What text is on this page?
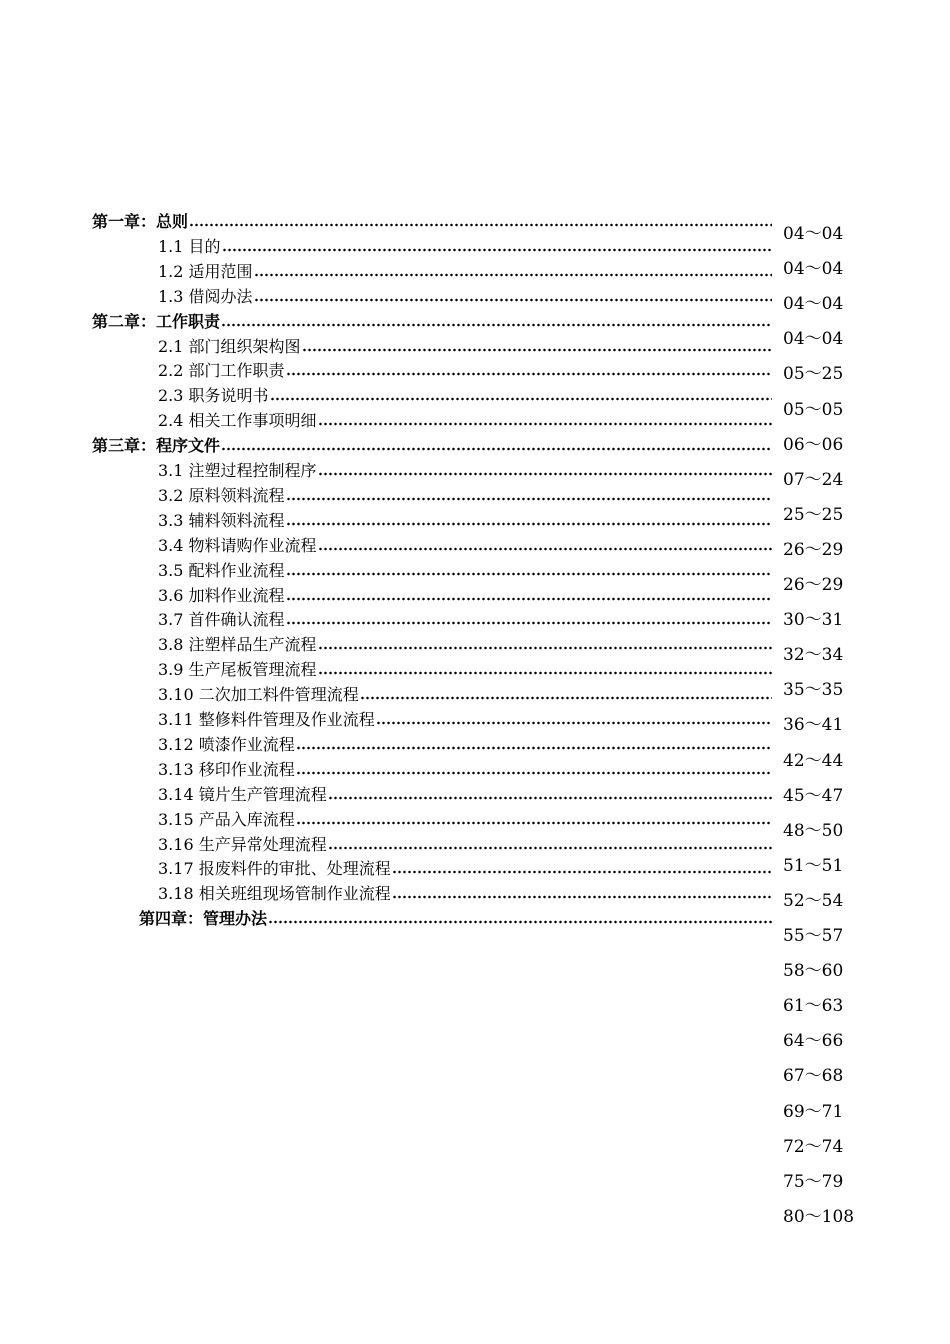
第一章：总则
1.1 目的
1.2 适用范围
1.3 借阅办法
第二章：工作职责
2.1 部门组织架构图
2.2 部门工作职责
2.3 职务说明书
2.4 相关工作事项明细
第三章：程序文件
3.1 注塑过程控制程序
3.2 原料领料流程
3.3 辅料领料流程
3.4 物料请购作业流程
3.5 配料作业流程
3.6 加料作业流程
3.7 首件确认流程
3.8 注塑样品生产流程
3.9 生产尾板管理流程
3.10 二次加工料件管理流程
3.11 整修料件管理及作业流程
3.12 喷漆作业流程
3.13 移印作业流程
3.14 镜片生产管理流程
3.15 产品入库流程
3.16 生产异常处理流程
3.17 报废料件的审批、处理流程
3.18 相关班组现场管制作业流程
第四章：管理办法
04～04
04～04
04～04
04～04
05～25
05～05
06～06
07～24
25～25
26～29
26～29
30～31
32～34
35～35
36～41
42～44
45～47
48～50
51～51
52～54
55～57
58～60
61～63
64～66
67～68
69～71
72～74
75～79
80～108
